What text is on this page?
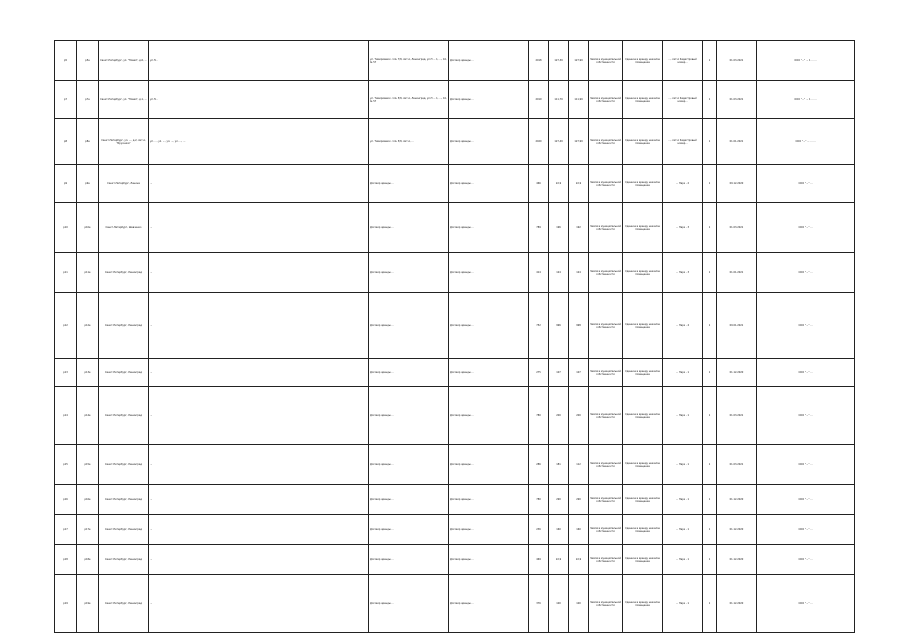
p5	p5e	Санкт-Петербург, ул. "Новая", д.6, ...	ул.П...	ул. Тимирязевск. 1 № 7/8, лит.А, Ленинград, ул.П ... 1, ..., 10, № 57	Договор аренды ...	2018	127,39	127,99	Земля в муниципальной собственности	Сданное в аренду нежилое помещение	..., лит.А Кадастровый номер...	1	01.03.2021	ООО "..." ... 1 ... ...
p7	p7e	Санкт-Петербург, ул. "Новая", д.1, ...	ул.П...	ул. Тимирязевск. 1 № 5/8, лит.А, Ленинград, ул.П ... 1, ..., 10, № 57	Договор аренды ...	2019	111,79	111,99	Земля в муниципальной собственности	Сданное в аренду нежилое помещение	..., лит.А Кадастровый номер...	1	01.03.2021	ООО "..." ... 1 ... ...
p8	p8e	Санкт-Петербург, ул. ..., д.2, лит.А, "Брусника"	ул. ..., ул. ..., ул. ..., ул. ..., ...	ул. Тимирязевск. 1 № 5/8, лит.А, ...	Договор аренды ...	2020	127,49	127,99	Земля в муниципальной собственности	Сданное в аренду нежилое помещение	..., лит.А Кадастровый номер...	1	01.01.2021	ООО "..." ... ... ...
p9	p9e	Санкт-Петербург, Ленина	...	Договор аренды ...	Договор аренды ...	466	22,9	22,9	Земля в муниципальной собственности	Сданное в аренду нежилое помещение	... Парк - 2	1	09.12.2020	ООО "..." ...
p10	p10e	Санкт-Петербург, Шевченко	...	Договор аренды ...	Договор аренды ...	789	196	192	Земля в муниципальной собственности	Сданное в аренду нежилое помещение	... Парк - 3	1	01.03.2021	ООО "..." ...
p11	p11e	Санкт-Петербург, Ленинград	...	Договор аренды ...	Договор аренды ...	414	124	124	Земля в муниципальной собственности	Сданное в аренду нежилое помещение	... Парк - 3	1	01.01.2021	ООО "..." ...
p12	p12e	Санкт-Петербург, Ленинград	...	Договор аренды ...	Договор аренды ...	752	996	998	Земля в муниципальной собственности	Сданное в аренду нежилое помещение	... Парк - 4	1	09.01.2021	ООО "..." ...
p13	p13e	Санкт-Петербург, Ленинград	...	Договор аренды ...	Договор аренды ...	275	107	107	Земля в муниципальной собственности	Сданное в аренду нежилое помещение	... Парк - 1	1	01.12.2020	ООО "..." ...
p14	p14e	Санкт-Петербург, Ленинград	...	Договор аренды ...	Договор аренды ...	780	200	200	Земля в муниципальной собственности	Сданное в аренду нежилое помещение	... Парк - 1	1	01.03.2021	ООО "..." ...
p15	p15e	Санкт-Петербург, Ленинград	...	Договор аренды ...	Договор аренды ...	286	181	112	Земля в муниципальной собственности	Сданное в аренду нежилое помещение	... Парк - 1	1	01.03.2021	ООО "..." ...
p16	p16e	Санкт-Петербург, Ленинград	...	Договор аренды ...	Договор аренды ...	780	290	290	Земля в муниципальной собственности	Сданное в аренду нежилое помещение	... Парк - 1	1	01.12.2020	ООО "..." ...
p17	p17e	Санкт-Петербург, Ленинград	...	Договор аренды ...	Договор аренды ...	236	160	160	Земля в муниципальной собственности	Сданное в аренду нежилое помещение	... Парк - 1	1	01.12.2020	ООО "..." ...
p18	p18e	Санкт-Петербург, Ленинград	...	Договор аренды ...	Договор аренды ...	469	22,9	22,9	Земля в муниципальной собственности	Сданное в аренду нежилое помещение	... Парк - 1	1	01.12.2020	ООО "..." ...
p19	p19e	Санкт-Петербург, Ленинград	...	Договор аренды ...	Договор аренды ...	376	100	100	Земля в муниципальной собственности	Сданное в аренду нежилое помещение	... Парк - 1	1	01.12.2020	ООО "..." ...
